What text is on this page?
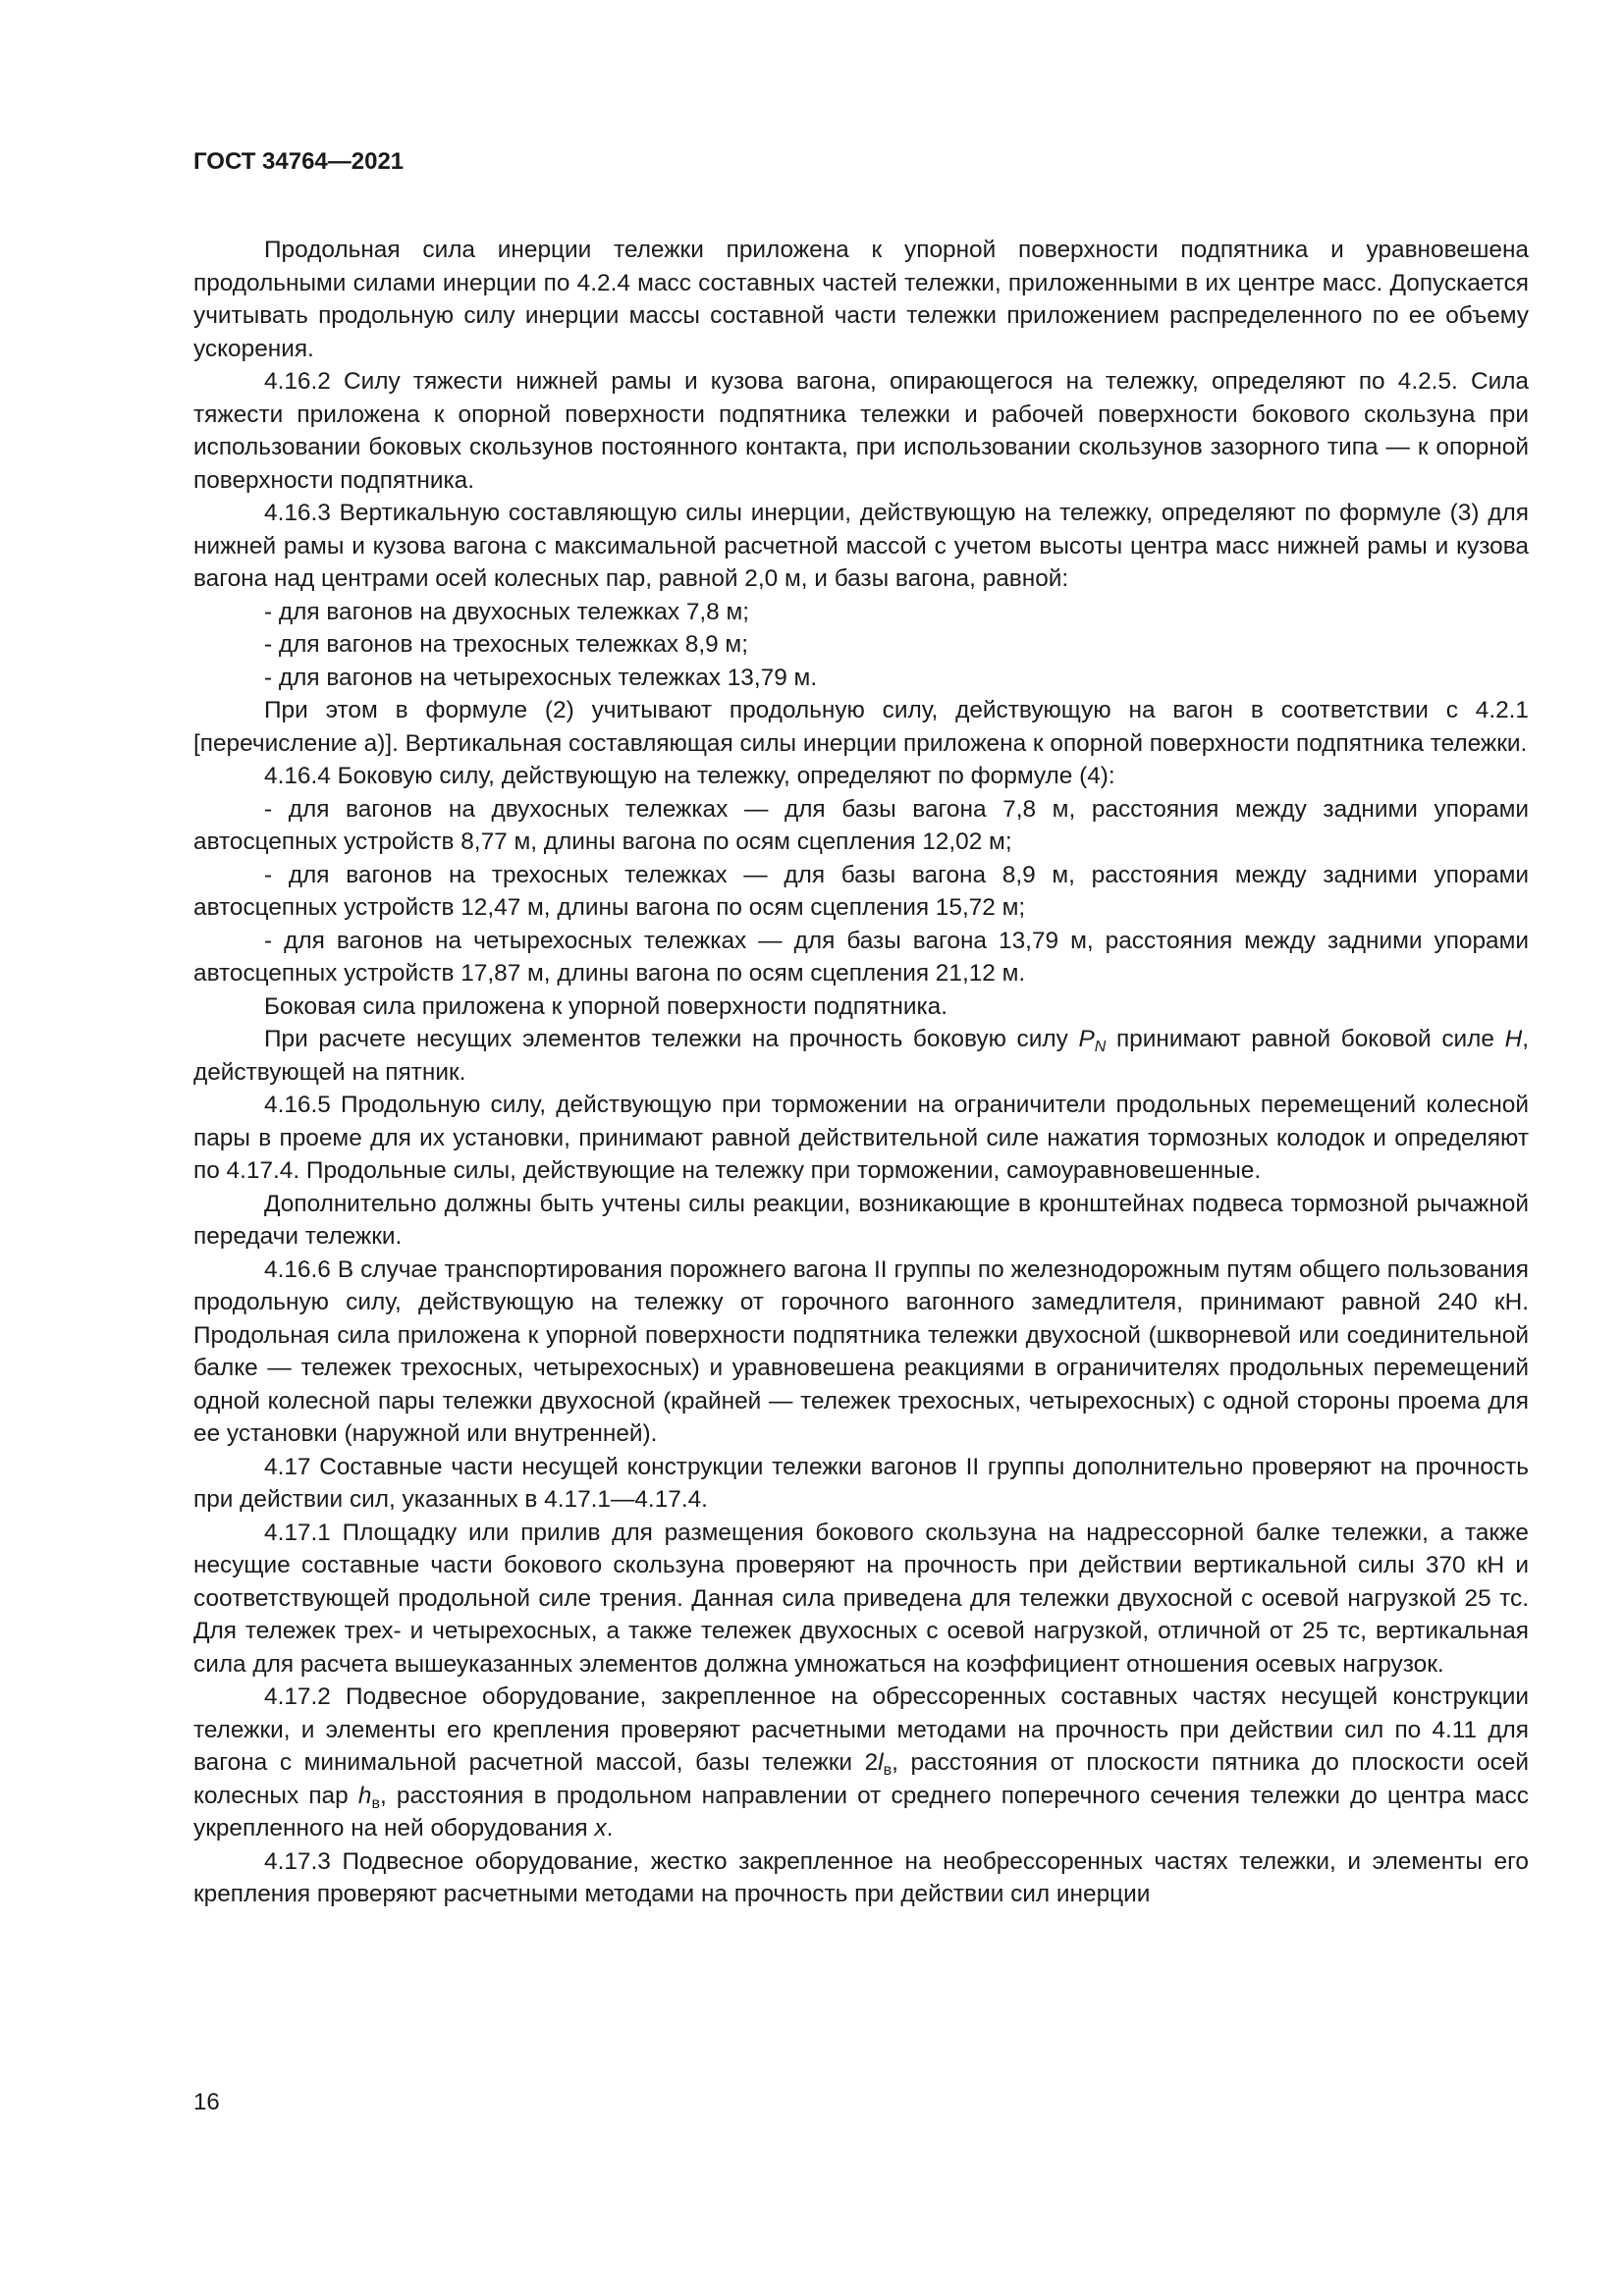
ГОСТ 34764—2021

Продольная сила инерции тележки приложена к упорной поверхности подпятника и уравновешена продольными силами инерции по 4.2.4 масс составных частей тележки, приложенными в их центре масс. Допускается учитывать продольную силу инерции массы составной части тележки приложением распределенного по ее объему ускорения.

4.16.2 Силу тяжести нижней рамы и кузова вагона, опирающегося на тележку, определяют по 4.2.5. Сила тяжести приложена к опорной поверхности подпятника тележки и рабочей поверхности бокового скользуна при использовании боковых скользунов постоянного контакта, при использовании скользунов зазорного типа — к опорной поверхности подпятника.

4.16.3 Вертикальную составляющую силы инерции, действующую на тележку, определяют по формуле (3) для нижней рамы и кузова вагона с максимальной расчетной массой с учетом высоты центра масс нижней рамы и кузова вагона над центрами осей колесных пар, равной 2,0 м, и базы вагона, равной:

- для вагонов на двухосных тележках 7,8 м;

- для вагонов на трехосных тележках 8,9 м;

- для вагонов на четырехосных тележках 13,79 м.

При этом в формуле (2) учитывают продольную силу, действующую на вагон в соответствии с 4.2.1 [перечисление а)]. Вертикальная составляющая силы инерции приложена к опорной поверхности подпятника тележки.

4.16.4 Боковую силу, действующую на тележку, определяют по формуле (4):

- для вагонов на двухосных тележках — для базы вагона 7,8 м, расстояния между задними упорами автосцепных устройств 8,77 м, длины вагона по осям сцепления 12,02 м;

- для вагонов на трехосных тележках — для базы вагона 8,9 м, расстояния между задними упорами автосцепных устройств 12,47 м, длины вагона по осям сцепления 15,72 м;

- для вагонов на четырехосных тележках — для базы вагона 13,79 м, расстояния между задними упорами автосцепных устройств 17,87 м, длины вагона по осям сцепления 21,12 м.

Боковая сила приложена к упорной поверхности подпятника.

При расчете несущих элементов тележки на прочность боковую силу $P_N$ принимают равной боковой силе H, действующей на пятник.

4.16.5 Продольную силу, действующую при торможении на ограничители продольных перемещений колесной пары в проеме для их установки, принимают равной действительной силе нажатия тормозных колодок и определяют по 4.17.4. Продольные силы, действующие на тележку при торможении, самоуравновешенные.

Дополнительно должны быть учтены силы реакции, возникающие в кронштейнах подвеса тормозной рычажной передачи тележки.

4.16.6 В случае транспортирования порожнего вагона II группы по железнодорожным путям общего пользования продольную силу, действующую на тележку от горочного вагонного замедлителя, принимают равной 240 кН. Продольная сила приложена к упорной поверхности подпятника тележки двухосной (шкворневой или соединительной балке — тележек трехосных, четырехосных) и уравновешена реакциями в ограничителях продольных перемещений одной колесной пары тележки двухосной (крайней — тележек трехосных, четырехосных) с одной стороны проема для ее установки (наружной или внутренней).

4.17 Составные части несущей конструкции тележки вагонов II группы дополнительно проверяют на прочность при действии сил, указанных в 4.17.1—4.17.4.

4.17.1 Площадку или прилив для размещения бокового скользуна на надрессорной балке тележки, а также несущие составные части бокового скользуна проверяют на прочность при действии вертикальной силы 370 кН и соответствующей продольной силе трения. Данная сила приведена для тележки двухосной с осевой нагрузкой 25 тс. Для тележек трех- и четырехосных, а также тележек двухосных с осевой нагрузкой, отличной от 25 тс, вертикальная сила для расчета вышеуказанных элементов должна умножаться на коэффициент отношения осевых нагрузок.

4.17.2 Подвесное оборудование, закрепленное на обрессоренных составных частях несущей конструкции тележки, и элементы его крепления проверяют расчетными методами на прочность при действии сил по 4.11 для вагона с минимальной расчетной массой, базы тележки $2l_в$, расстояния от плоскости пятника до плоскости осей колесных пар $h_в$, расстояния в продольном направлении от среднего поперечного сечения тележки до центра масс укрепленного на ней оборудования x.

4.17.3 Подвесное оборудование, жестко закрепленное на необрессоренных частях тележки, и элементы его крепления проверяют расчетными методами на прочность при действии сил инерции

16
